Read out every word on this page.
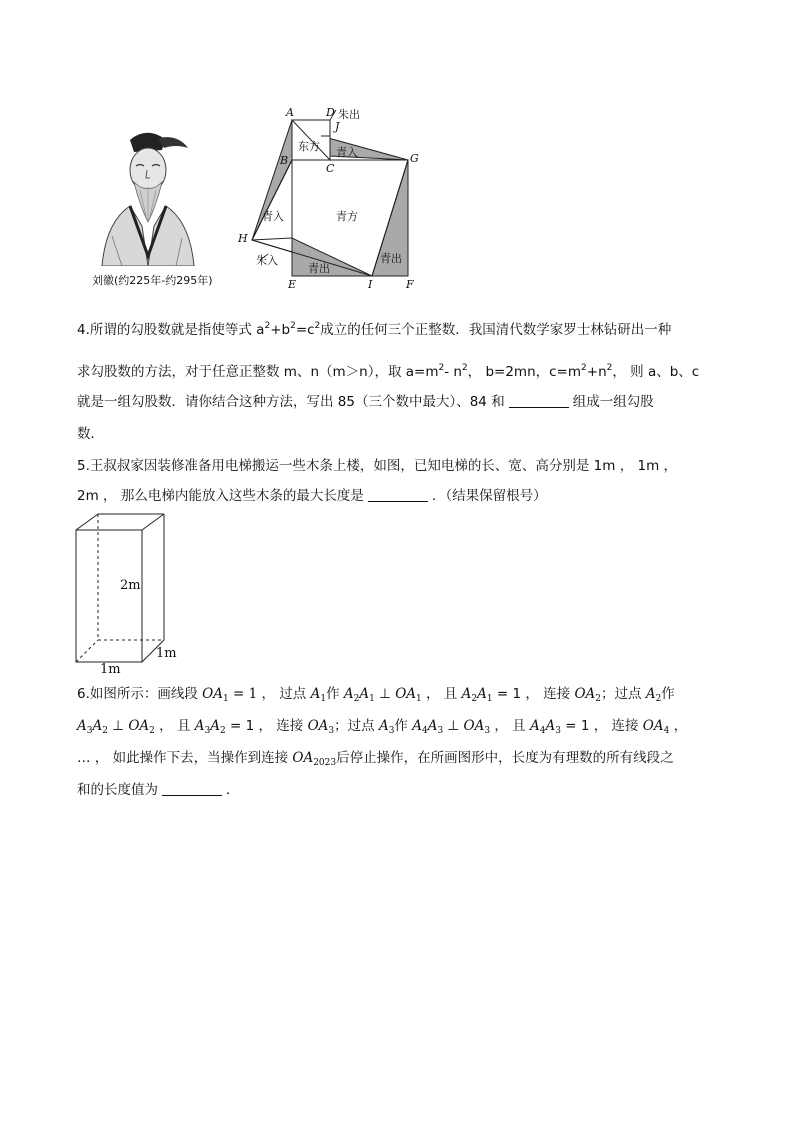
刘徽(约225年-约295年)
A	D 朱出
J
B
C
G
H
E	I	F
东方 青入
青入	青方
朱入
青出
青出
4.所谓的勾股数就是指使等式 $a^2+b^2=c^2$成立的任何三个正整数．我国清代数学家罗士林钻研出一种
求勾股数的方法，对于任意正整数 m、n（m＞n），取 $a=m^2-$ $n^2$， b=2mn，$c=m^2+n^2$， 则 a、b、c
就是一组勾股数．请你结合这种方法，写出 85（三个数中最大）、84 和	组成一组勾股
数．
5.王叔叔家因装修准备用电梯搬运一些木条上楼，如图，已知电梯的长、宽、高分别是 1m ， 1m ，
2m ， 那么电梯内能放入这些木条的最大长度是	．（结果保留根号）
2m
1m
1m
6.如图所示：画线段 $OA_1 = 1$ ， 过点 $A_1$作 $A_2A_1$ ⊥ $OA_1$ ， 且 $A_2A_1 = 1$ ， 连接 $OA_2$；过点 $A_2$作
$A_3A_2$ ⊥ $OA_2$ ， 且 $A_3A_2 = 1$ ， 连接 $OA_3$；过点 $A_3$作 $A_4A_3$ ⊥ $OA_3$ ， 且 $A_4A_3 = 1$ ， 连接 $OA_4$ ，
… ， 如此操作下去，当操作到连接 $OA_{2023}$后停止操作，在所画图形中，长度为有理数的所有线段之
和的长度值为	．
